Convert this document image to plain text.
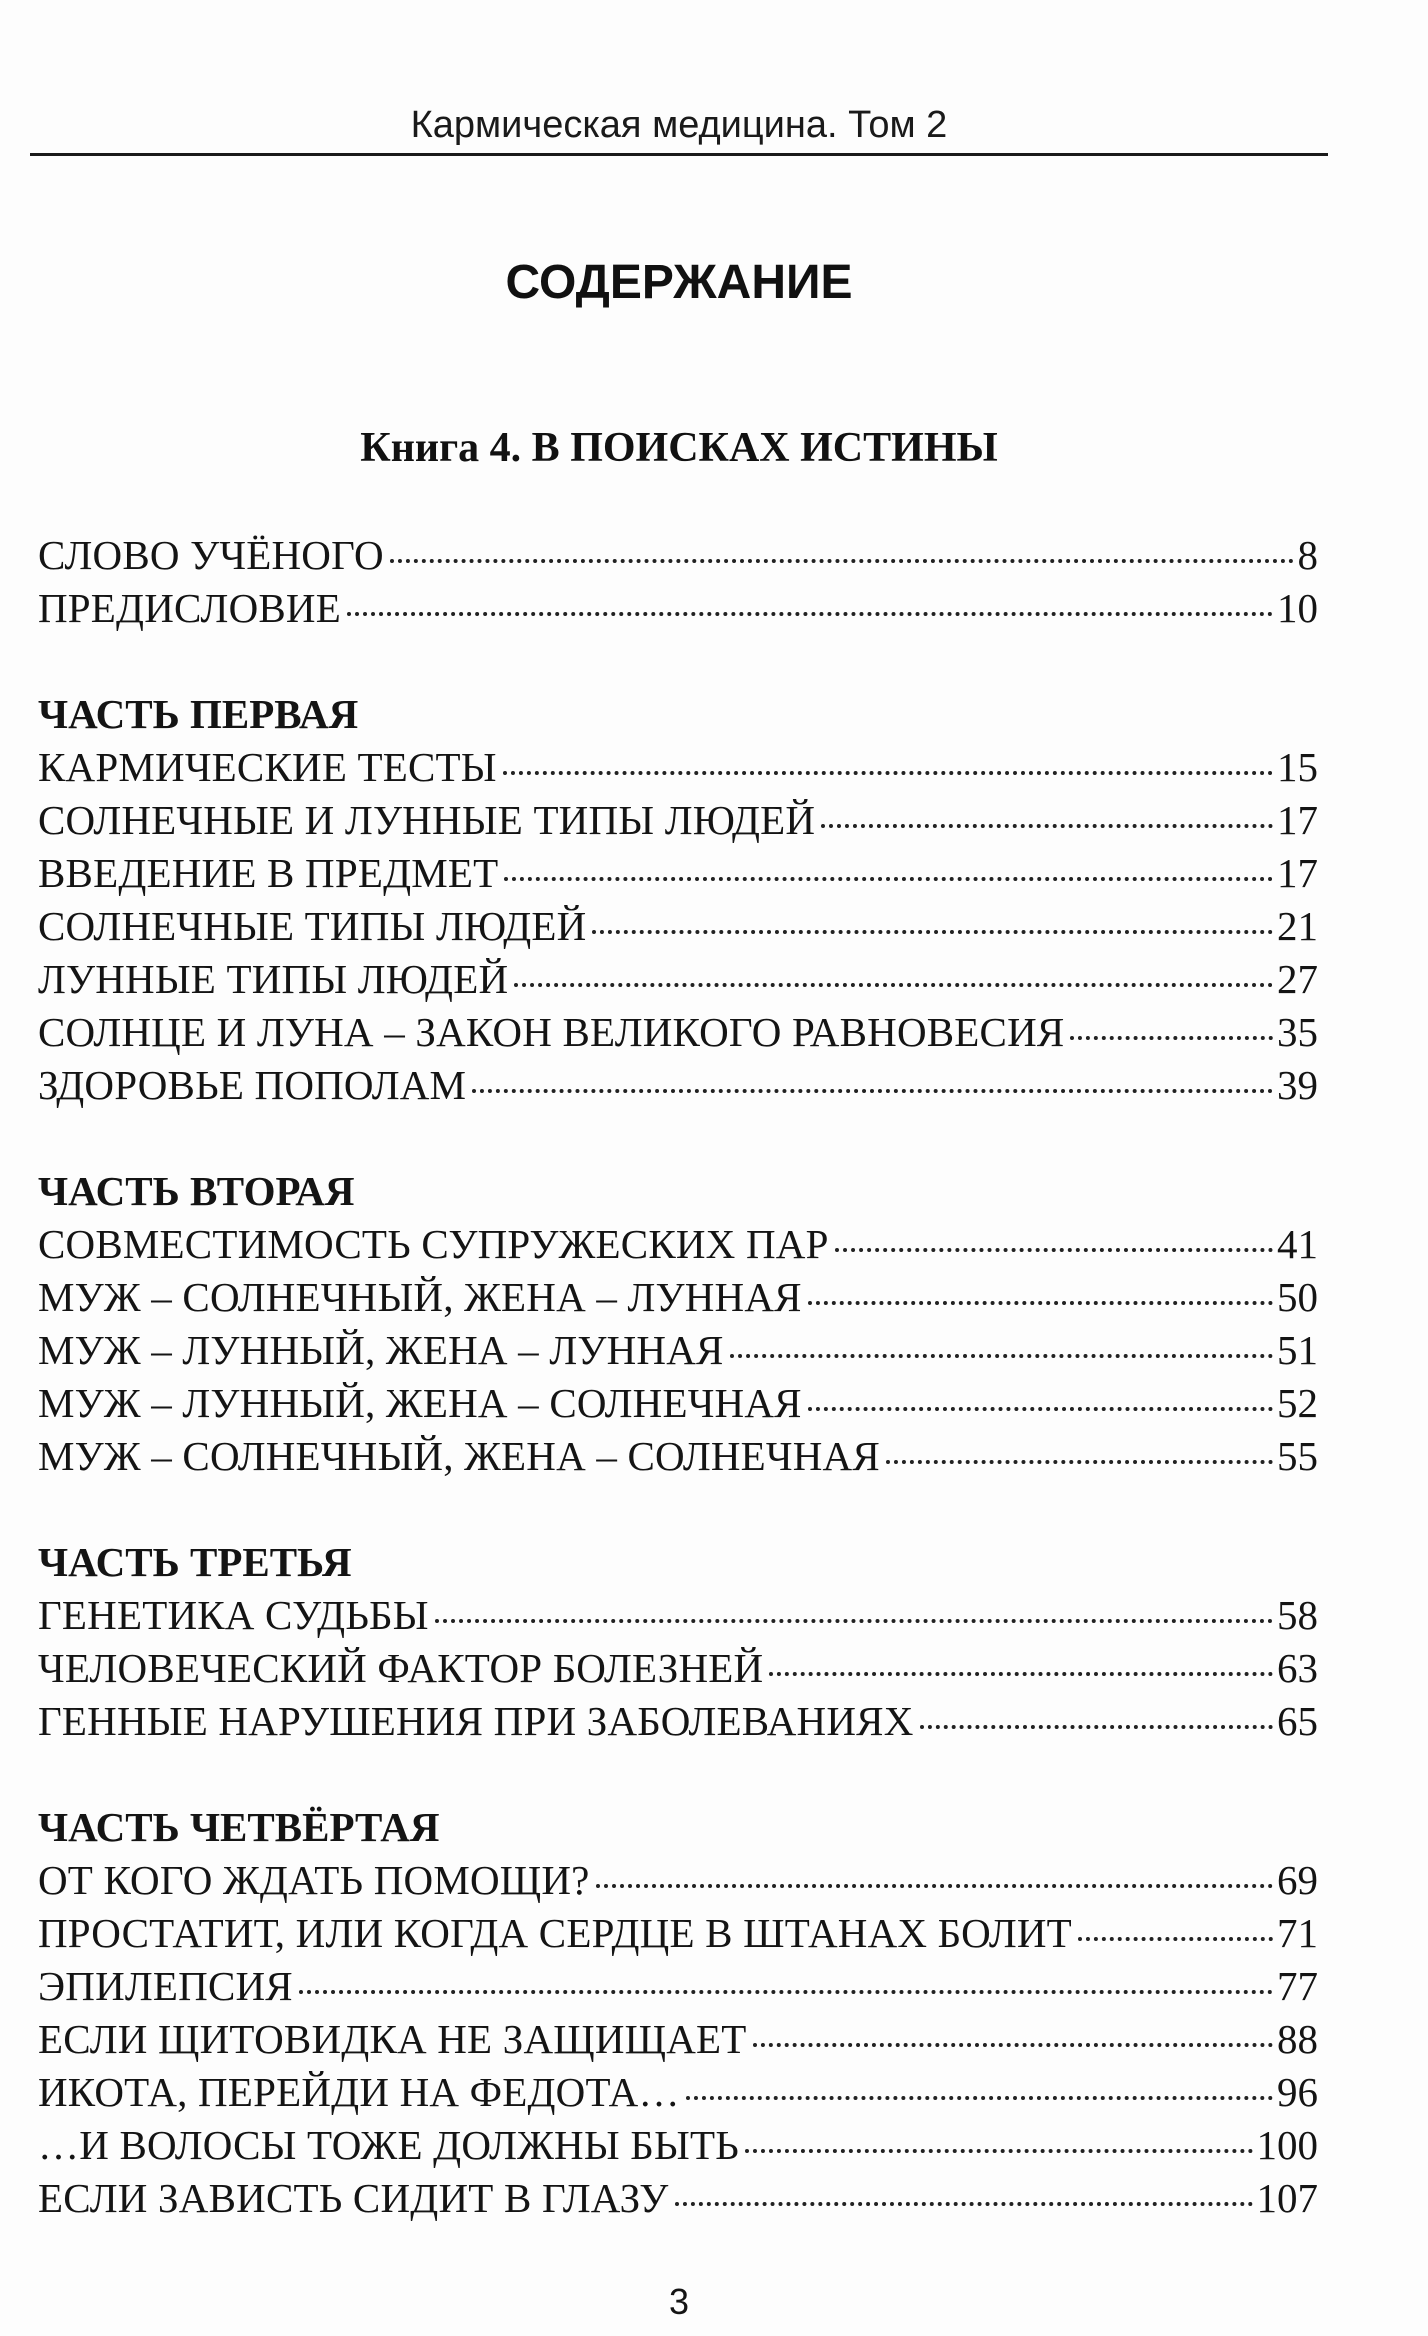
Кармическая медицина. Том 2
СОДЕРЖАНИЕ
Книга 4. В ПОИСКАХ ИСТИНЫ
СЛОВО УЧЁНОГО	8
ПРЕДИСЛОВИЕ	10
ЧАСТЬ ПЕРВАЯ
КАРМИЧЕСКИЕ ТЕСТЫ	15
СОЛНЕЧНЫЕ И ЛУННЫЕ ТИПЫ ЛЮДЕЙ	17
ВВЕДЕНИЕ В ПРЕДМЕТ	17
СОЛНЕЧНЫЕ ТИПЫ ЛЮДЕЙ	21
ЛУННЫЕ ТИПЫ ЛЮДЕЙ	27
СОЛНЦЕ И ЛУНА – ЗАКОН ВЕЛИКОГО РАВНОВЕСИЯ	35
ЗДОРОВЬЕ ПОПОЛАМ	39
ЧАСТЬ ВТОРАЯ
СОВМЕСТИМОСТЬ СУПРУЖЕСКИХ ПАР	41
МУЖ – СОЛНЕЧНЫЙ, ЖЕНА – ЛУННАЯ	50
МУЖ – ЛУННЫЙ, ЖЕНА – ЛУННАЯ	51
МУЖ – ЛУННЫЙ, ЖЕНА – СОЛНЕЧНАЯ	52
МУЖ – СОЛНЕЧНЫЙ, ЖЕНА – СОЛНЕЧНАЯ	55
ЧАСТЬ ТРЕТЬЯ
ГЕНЕТИКА СУДЬБЫ	58
ЧЕЛОВЕЧЕСКИЙ ФАКТОР БОЛЕЗНЕЙ	63
ГЕННЫЕ НАРУШЕНИЯ ПРИ ЗАБОЛЕВАНИЯХ	65
ЧАСТЬ ЧЕТВЁРТАЯ
ОТ КОГО ЖДАТЬ ПОМОЩИ?	69
ПРОСТАТИТ, ИЛИ КОГДА СЕРДЦЕ В ШТАНАХ БОЛИТ	71
ЭПИЛЕПСИЯ	77
ЕСЛИ ЩИТОВИДКА НЕ ЗАЩИЩАЕТ	88
ИКОТА, ПЕРЕЙДИ НА ФЕДОТА…	96
…И ВОЛОСЫ ТОЖЕ ДОЛЖНЫ БЫТЬ	100
ЕСЛИ ЗАВИСТЬ СИДИТ В ГЛАЗУ	107
3
